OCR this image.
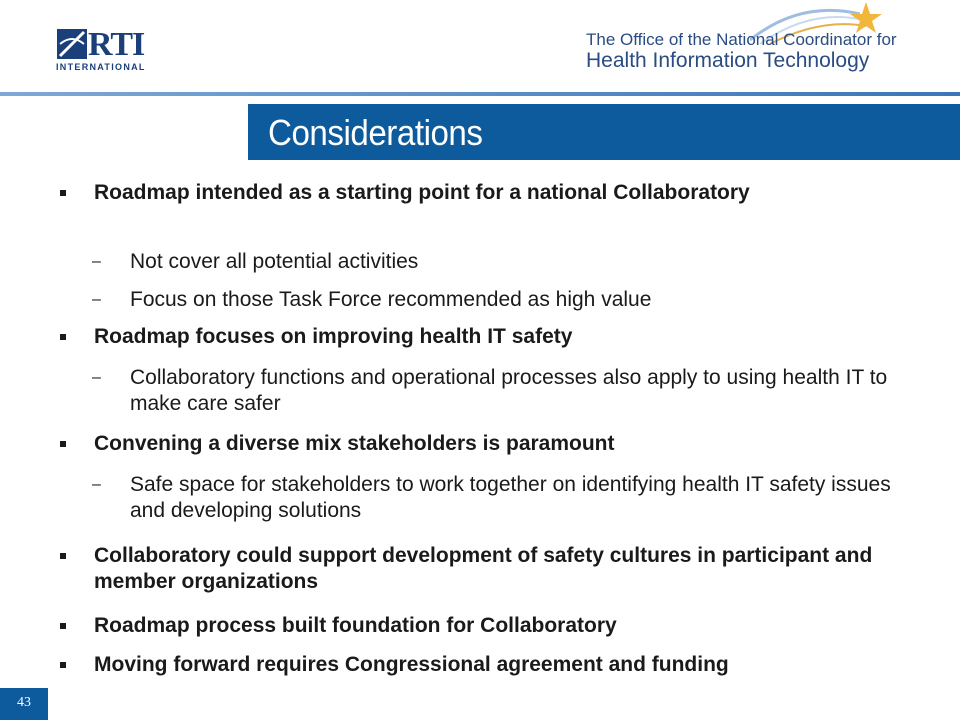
RTI
INTERNATIONAL
The Office of the National Coordinator for
Health Information Technology
Considerations
Roadmap intended as a starting point for a national Collaboratory
– Not cover all potential activities
– Focus on those Task Force recommended as high value
Roadmap focuses on improving health IT safety
– Collaboratory functions and operational processes also apply to using health IT to make care safer
Convening a diverse mix stakeholders is paramount
– Safe space for stakeholders to work together on identifying health IT safety issues and developing solutions
Collaboratory could support development of safety cultures in participant and member organizations
Roadmap process built foundation for Collaboratory
Moving forward requires Congressional agreement and funding
43
